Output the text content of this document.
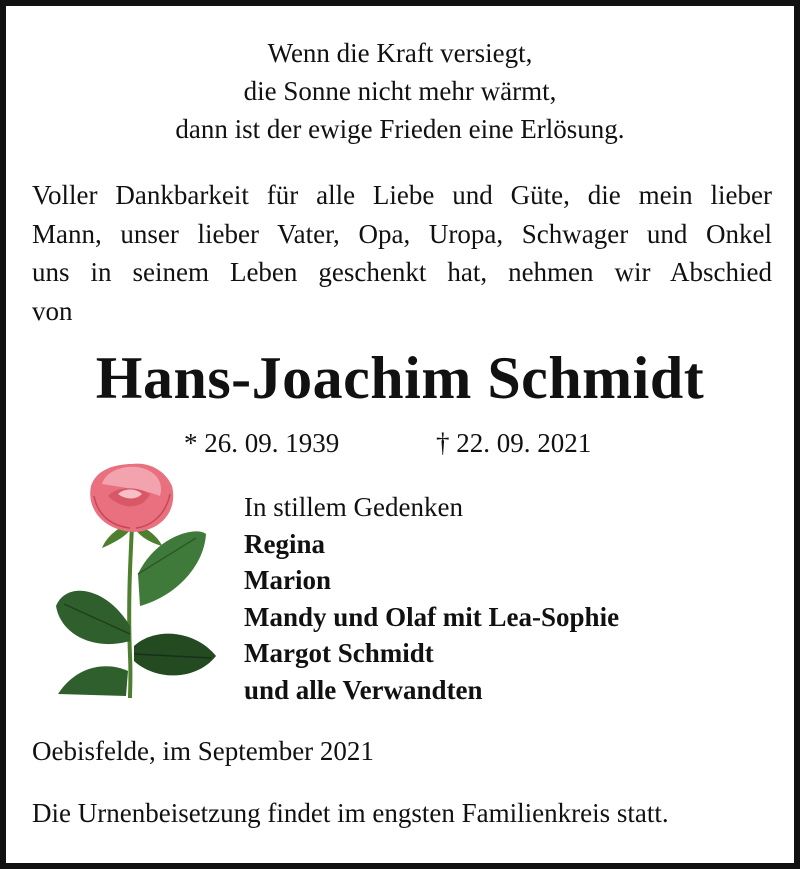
Wenn die Kraft versiegt,
die Sonne nicht mehr wärmt,
dann ist der ewige Frieden eine Erlösung.
Voller Dankbarkeit für alle Liebe und Güte, die mein lieber
Mann, unser lieber Vater, Opa, Uropa, Schwager und Onkel
uns in seinem Leben geschenkt hat, nehmen wir Abschied
von
Hans-Joachim Schmidt
* 26. 09. 1939	† 22. 09. 2021
In stillem Gedenken
Regina
Marion
Mandy und Olaf mit Lea-Sophie
Margot Schmidt
und alle Verwandten
Oebisfelde, im September 2021
Die Urnenbeisetzung findet im engsten Familienkreis statt.
